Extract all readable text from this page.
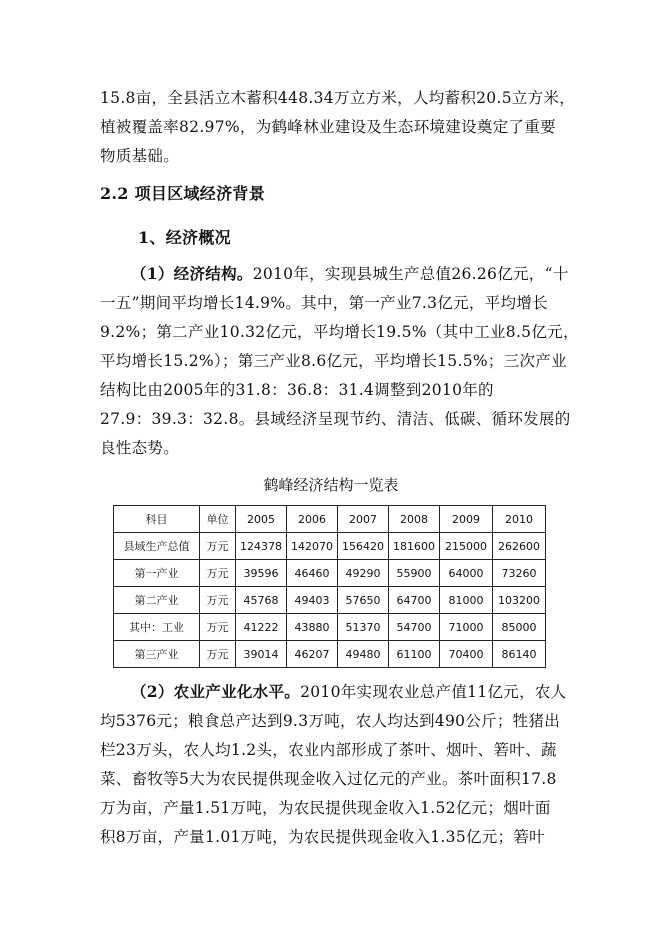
15.8亩，全县活立木蓄积448.34万立方米，人均蓄积20.5立方米，
植被覆盖率82.97%，为鹤峰林业建设及生态环境建设奠定了重要
物质基础。
2.2 项目区域经济背景
1、经济概况
（1）经济结构。2010年，实现县城生产总值26.26亿元，“十
一五”期间平均增长14.9%。其中，第一产业7.3亿元，平均增长
9.2%；第二产业10.32亿元，平均增长19.5%（其中工业8.5亿元，
平均增长15.2%）；第三产业8.6亿元，平均增长15.5%；三次产业
结构比由2005年的31.8：36.8：31.4调整到2010年的
27.9：39.3：32.8。县域经济呈现节约、清洁、低碳、循环发展的
良性态势。
鹤峰经济结构一览表
科目	单位	2005	2006	2007	2008	2009	2010
县域生产总值	万元	124378	142070	156420	181600	215000	262600
第一产业	万元	39596	46460	49290	55900	64000	73260
第二产业	万元	45768	49403	57650	64700	81000	103200
其中：工业	万元	41222	43880	51370	54700	71000	85000
第三产业	万元	39014	46207	49480	61100	70400	86140
（2）农业产业化水平。2010年实现农业总产值11亿元，农人
均5376元；粮食总产达到9.3万吨，农人均达到490公斤；牲猪出
栏23万头，农人均1.2头，农业内部形成了茶叶、烟叶、箬叶、蔬
菜、畜牧等5大为农民提供现金收入过亿元的产业。茶叶面积17.8
万为亩，产量1.51万吨，为农民提供现金收入1.52亿元；烟叶面
积8万亩，产量1.01万吨，为农民提供现金收入1.35亿元；箬叶
